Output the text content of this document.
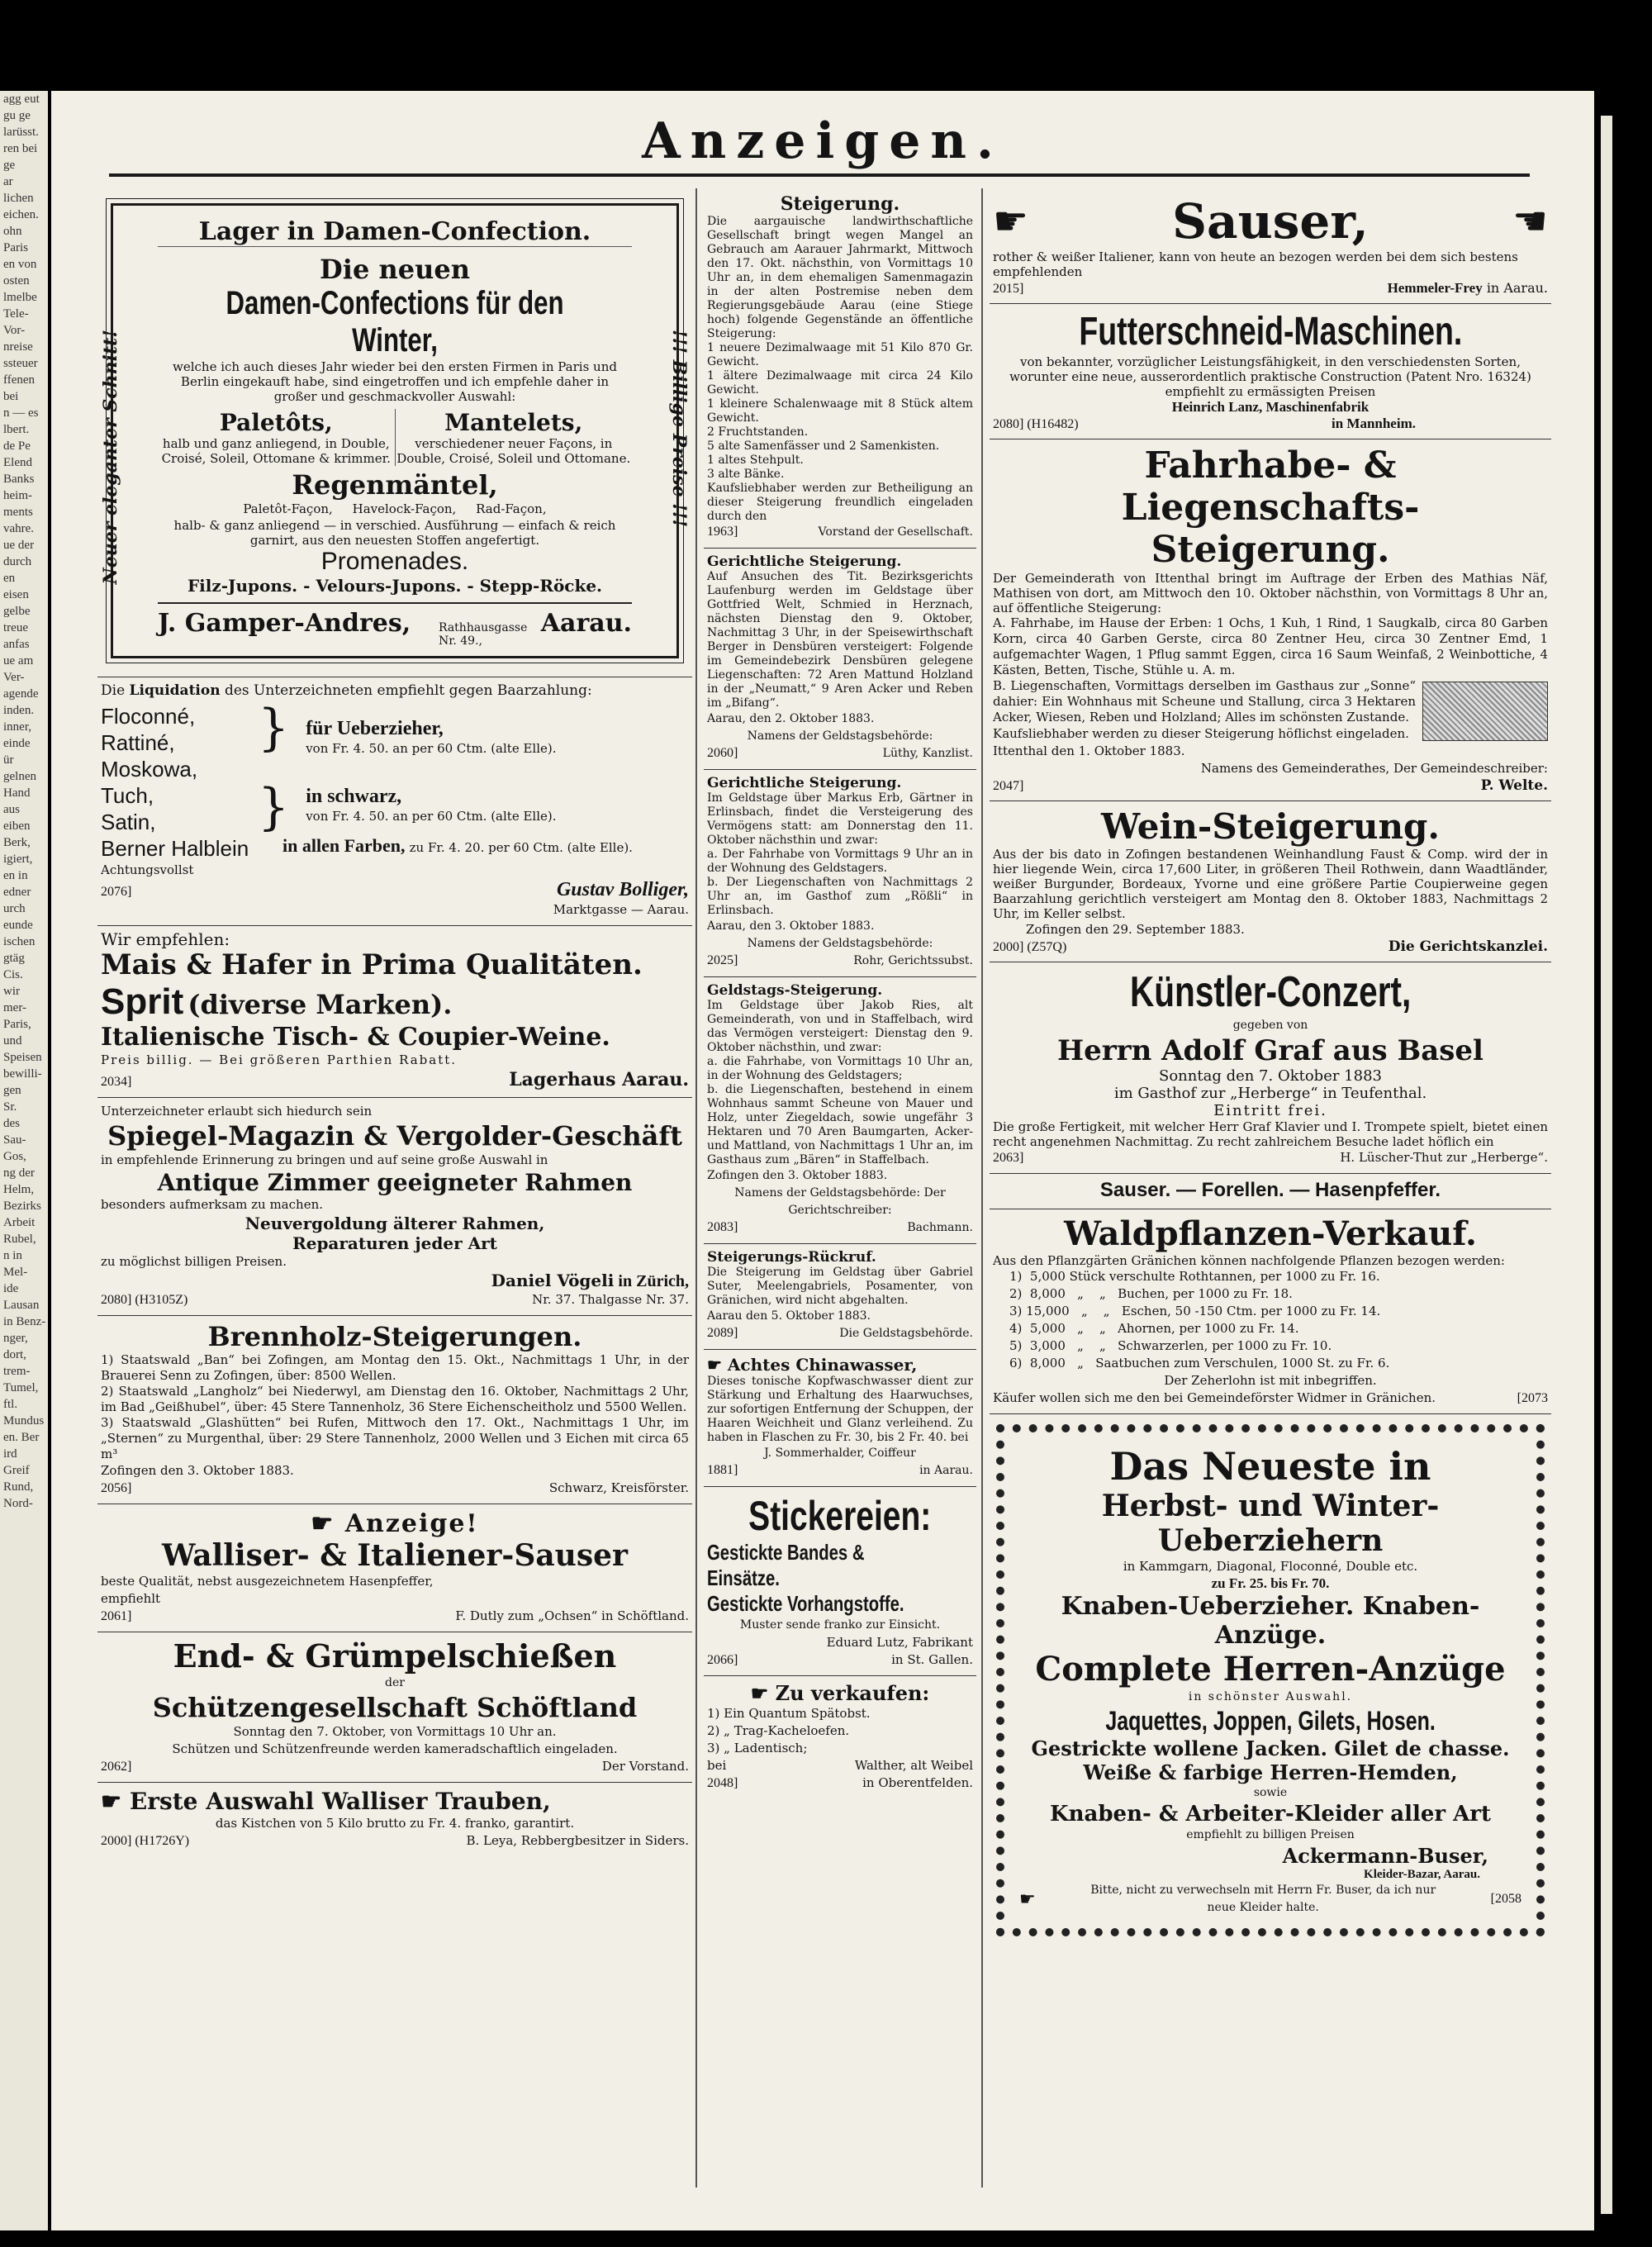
agg eut
gu ge
larüsst.
ren bei
ge
ar
lichen
eichen.
ohn
Paris
en von
osten
lmelbe
Tele-
Vor-
nreise
ssteuer
ffenen
bei
n — es
lbert.
de Pe
Elend
Banks
heim-
ments
vahre.
ue der
durch
en
eisen
gelbe
treue
anfas
ue am
Ver-
agende
inden.
inner,
einde
ür
gelnen
Hand
aus
eiben
Berk,
igiert,
en in
edner
urch
eunde
ischen
gtäg
Cis.
wir
mer-
Paris,
und
Speisen
bewilli-
gen
Sr.
des
Sau-
Gos,
ng der
Helm,
Bezirks
Arbeit
Rubel,
n in
Mel-
ide
Lausan
in Benz-
nger,
dort,
trem-
Tumel,
ftl.
Mundus
en. Ber
ird
Greif
Rund,
Nord-
Anzeigen.
Neuer eleganter Schnitt!	!!! Billige Preise !!!
Lager in Damen-Confection.
Die neuen
Damen-Confections für den Winter,
welche ich auch dieses Jahr wieder bei den ersten Firmen in Paris und Berlin eingekauft habe, sind eingetroffen und ich empfehle daher in großer und geschmackvoller Auswahl:
Paletôts,
halb und ganz anliegend, in Double, Croisé, Soleil, Ottomane & krimmer.
Mantelets,
verschiedener neuer Façons, in Double, Croisé, Soleil und Ottomane.
Regenmäntel,
Paletôt-Façon,     Havelock-Façon,     Rad-Façon,
halb- & ganz anliegend — in verschied. Ausführung — einfach & reich garnirt, aus den neuesten Stoffen angefertigt.
Promenades.
Filz-Jupons. - Velours-Jupons. - Stepp-Röcke.
J. Gamper-Andres, Rathhausgasse Nr. 49.,
Aarau.
Die Liquidation des Unterzeichneten empfiehlt gegen Baarzahlung:
Floconné,
Rattiné,
Moskowa,
} für Ueberzieher,
von Fr. 4. 50. an per 60 Ctm. (alte Elle).
Tuch,
Satin,	} in schwarz,
von Fr. 4. 50. an per 60 Ctm. (alte Elle).
Berner Halblein	in allen Farben, zu Fr. 4. 20. per 60 Ctm. (alte Elle).
Achtungsvollst
2076]	Gustav Bolliger,
Marktgasse — Aarau.
Wir empfehlen:
Mais & Hafer in Prima Qualitäten.
Sprit (diverse Marken).
Italienische Tisch- & Coupier-Weine.
Preis billig. — Bei größeren Parthien Rabatt.
2034]	Lagerhaus Aarau.
Unterzeichneter erlaubt sich hiedurch sein
Spiegel-Magazin & Vergolder-Geschäft
in empfehlende Erinnerung zu bringen und auf seine große Auswahl in
Antique Zimmer geeigneter Rahmen
besonders aufmerksam zu machen.
Neuvergoldung älterer Rahmen,
Reparaturen jeder Art
zu möglichst billigen Preisen.
Daniel Vögeli in Zürich,
2080] (H3105Z)	Nr. 37. Thalgasse Nr. 37.
Brennholz-Steigerungen.
1) Staatswald „Ban“ bei Zofingen, am Montag den 15. Okt., Nachmittags 1 Uhr, in der Brauerei Senn zu Zofingen, über: 8500 Wellen.
2) Staatswald „Langholz“ bei Niederwyl, am Dienstag den 16. Oktober, Nachmittags 2 Uhr, im Bad „Geißhubel“, über: 45 Stere Tannenholz, 36 Stere Eichenscheitholz und 5500 Wellen.
3) Staatswald „Glashütten“ bei Rufen, Mittwoch den 17. Okt., Nachmittags 1 Uhr, im „Sternen“ zu Murgenthal, über: 29 Stere Tannenholz, 2000 Wellen und 3 Eichen mit circa 65 m³
Zofingen den 3. Oktober 1883.
2056]	Schwarz, Kreisförster.
☛ Anzeige!
Walliser- & Italiener-Sauser
beste Qualität, nebst ausgezeichnetem Hasenpfeffer,
empfiehlt
2061]	F. Dutly zum „Ochsen“ in Schöftland.
End- & Grümpelschießen
der
Schützengesellschaft Schöftland
Sonntag den 7. Oktober, von Vormittags 10 Uhr an.
Schützen und Schützenfreunde werden kameradschaftlich eingeladen.
2062]	Der Vorstand.
☛ Erste Auswahl Walliser Trauben,
das Kistchen von 5 Kilo brutto zu Fr. 4. franko, garantirt.
2000] (H1726Y)	B. Leya, Rebbergbesitzer in Siders.
Steigerung.
Die aargauische landwirthschaftliche Gesellschaft bringt wegen Mangel an Gebrauch am Aarauer Jahrmarkt, Mittwoch den 17. Okt. nächsthin, von Vormittags 10 Uhr an, in dem ehemaligen Samenmagazin in der alten Postremise neben dem Regierungsgebäude Aarau (eine Stiege hoch) folgende Gegenstände an öffentliche Steigerung:
1 neuere Dezimalwaage mit 51 Kilo 870 Gr. Gewicht.
1 ältere Dezimalwaage mit circa 24 Kilo Gewicht.
1 kleinere Schalenwaage mit 8 Stück altem Gewicht.
2 Fruchtstanden.
5 alte Samenfässer und 2 Samenkisten.
1 altes Stehpult.
3 alte Bänke.
Kaufsliebhaber werden zur Betheiligung an dieser Steigerung freundlich eingeladen durch den
1963]	Vorstand der Gesellschaft.
Gerichtliche Steigerung.
Auf Ansuchen des Tit. Bezirksgerichts Laufenburg werden im Geldstage über Gottfried Welt, Schmied in Herznach, nächsten Dienstag den 9. Oktober, Nachmittag 3 Uhr, in der Speisewirthschaft Berger in Densbüren versteigert: Folgende im Gemeindebezirk Densbüren gelegene Liegenschaften: 72 Aren Mattund Holzland in der „Neumatt,“ 9 Aren Acker und Reben im „Bifang“.
Aarau, den 2. Oktober 1883.
Namens der Geldstagsbehörde:
2060]	Lüthy, Kanzlist.
Gerichtliche Steigerung.
Im Geldstage über Markus Erb, Gärtner in Erlinsbach, findet die Versteigerung des Vermögens statt: am Donnerstag den 11. Oktober nächsthin und zwar:
a. Der Fahrhabe von Vormittags 9 Uhr an in der Wohnung des Geldstagers.
b. Der Liegenschaften von Nachmittags 2 Uhr an, im Gasthof zum „Rößli“ in Erlinsbach.
Aarau, den 3. Oktober 1883.
Namens der Geldstagsbehörde:
2025]	Rohr, Gerichtssubst.
Geldstags-Steigerung.
Im Geldstage über Jakob Ries, alt Gemeinderath, von und in Staffelbach, wird das Vermögen versteigert: Dienstag den 9. Oktober nächsthin, und zwar:
a. die Fahrhabe, von Vormittags 10 Uhr an, in der Wohnung des Geldstagers;
b. die Liegenschaften, bestehend in einem Wohnhaus sammt Scheune von Mauer und Holz, unter Ziegeldach, sowie ungefähr 3 Hektaren und 70 Aren Baumgarten, Acker- und Mattland, von Nachmittags 1 Uhr an, im Gasthaus zum „Bären“ in Staffelbach.
Zofingen den 3. Oktober 1883.
Namens der Geldstagsbehörde: Der Gerichtschreiber:
2083]	Bachmann.
Steigerungs-Rückruf.
Die Steigerung im Geldstag über Gabriel Suter, Meelengabriels, Posamenter, von Gränichen, wird nicht abgehalten.
Aarau den 5. Oktober 1883.
2089]	Die Geldstagsbehörde.
☛ Achtes Chinawasser,
Dieses tonische Kopfwaschwasser dient zur Stärkung und Erhaltung des Haarwuchses, zur sofortigen Entfernung der Schuppen, der Haaren Weichheit und Glanz verleihend. Zu haben in Flaschen zu Fr. 30, bis 2 Fr. 40. bei
J. Sommerhalder, Coiffeur
1881]	in Aarau.
Stickereien:
Gestickte Bandes & Einsätze.
Gestickte Vorhangstoffe.
Muster sende franko zur Einsicht.
Eduard Lutz, Fabrikant
2066]	in St. Gallen.
☛ Zu verkaufen:
1) Ein Quantum Spätobst.
2) „ Trag-Kacheloefen.
3) „ Ladentisch;
bei	Walther, alt Weibel
2048]	in Oberentfelden.
☛	Sauser,	☚
rother & weißer Italiener, kann von heute an bezogen werden bei dem sich bestens empfehlenden
2015]	Hemmeler-Frey in Aarau.
Futterschneid-Maschinen.
von bekannter, vorzüglicher Leistungsfähigkeit, in den verschiedensten Sorten, worunter eine neue, ausserordentlich praktische Construction (Patent Nro. 16324) empfiehlt zu ermässigten Preisen
Heinrich Lanz, Maschinenfabrik
2080] (H16482)	in Mannheim.
Fahrhabe- & Liegenschafts-
Steigerung.
Der Gemeinderath von Ittenthal bringt im Auftrage der Erben des Mathias Näf, Mathisen von dort, am Mittwoch den 10. Oktober nächsthin, von Vormittags 8 Uhr an, auf öffentliche Steigerung:
A. Fahrhabe, im Hause der Erben: 1 Ochs, 1 Kuh, 1 Rind, 1 Saugkalb, circa 80 Garben Korn, circa 40 Garben Gerste, circa 80 Zentner Heu, circa 30 Zentner Emd, 1 aufgemachter Wagen, 1 Pflug sammt Eggen, circa 16 Saum Weinfaß, 2 Weinbottiche, 4 Kästen, Betten, Tische, Stühle u. A. m.
B. Liegenschaften, Vormittags derselben im Gasthaus zur „Sonne“ dahier: Ein Wohnhaus mit Scheune und Stallung, circa 3 Hektaren Acker, Wiesen, Reben und Holzland; Alles im schönsten Zustande.
Kaufsliebhaber werden zu dieser Steigerung höflichst eingeladen.
Ittenthal den 1. Oktober 1883.
Namens des Gemeinderathes, Der Gemeindeschreiber:
2047]	P. Welte.
Wein-Steigerung.
Aus der bis dato in Zofingen bestandenen Weinhandlung Faust & Comp. wird der in hier liegende Wein, circa 17,600 Liter, in größeren Theil Rothwein, dann Waadtländer, weißer Burgunder, Bordeaux, Yvorne und eine größere Partie Coupierweine gegen Baarzahlung gerichtlich versteigert am Montag den 8. Oktober 1883, Nachmittags 2 Uhr, im Keller selbst.
Zofingen den 29. September 1883.
2000] (Z57Q)	Die Gerichtskanzlei.
Künstler-Conzert,
gegeben von
Herrn Adolf Graf aus Basel
Sonntag den 7. Oktober 1883
im Gasthof zur „Herberge“ in Teufenthal.
Eintritt frei.
Die große Fertigkeit, mit welcher Herr Graf Klavier und I. Trompete spielt, bietet einen recht angenehmen Nachmittag. Zu recht zahlreichem Besuche ladet höflich ein
2063]	H. Lüscher-Thut zur „Herberge“.
Sauser. — Forellen. — Hasenpfeffer.
Waldpflanzen-Verkauf.
Aus den Pflanzgärten Gränichen können nachfolgende Pflanzen bezogen werden:
1)  5,000 Stück verschulte Rothtannen, per 1000 zu Fr. 16.
2)  8,000   „    „   Buchen, per 1000 zu Fr. 18.
3) 15,000   „    „   Eschen, 50 -150 Ctm. per 1000 zu Fr. 14.
4)  5,000   „    „   Ahornen, per 1000 zu Fr. 14.
5)  3,000   „    „   Schwarzerlen, per 1000 zu Fr. 10.
6)  8,000   „   Saatbuchen zum Verschulen, 1000 St. zu Fr. 6.
Der Zeherlohn ist mit inbegriffen.
Käufer wollen sich me den bei Gemeindeförster Widmer in Gränichen.	[2073
Das Neueste in
Herbst- und Winter-Ueberziehern
in Kammgarn, Diagonal, Floconné, Double etc.
zu Fr. 25. bis Fr. 70.
Knaben-Ueberzieher. Knaben-Anzüge.
Complete Herren-Anzüge
in schönster Auswahl.
Jaquettes, Joppen, Gilets, Hosen.
Gestrickte wollene Jacken. Gilet de chasse.
Weiße & farbige Herren-Hemden,
sowie
Knaben- & Arbeiter-Kleider aller Art
empfiehlt zu billigen Preisen
Ackermann-Buser,
Kleider-Bazar, Aarau.
☛	Bitte, nicht zu verwechseln mit Herrn Fr. Buser, da ich nur neue Kleider halte.
[2058
